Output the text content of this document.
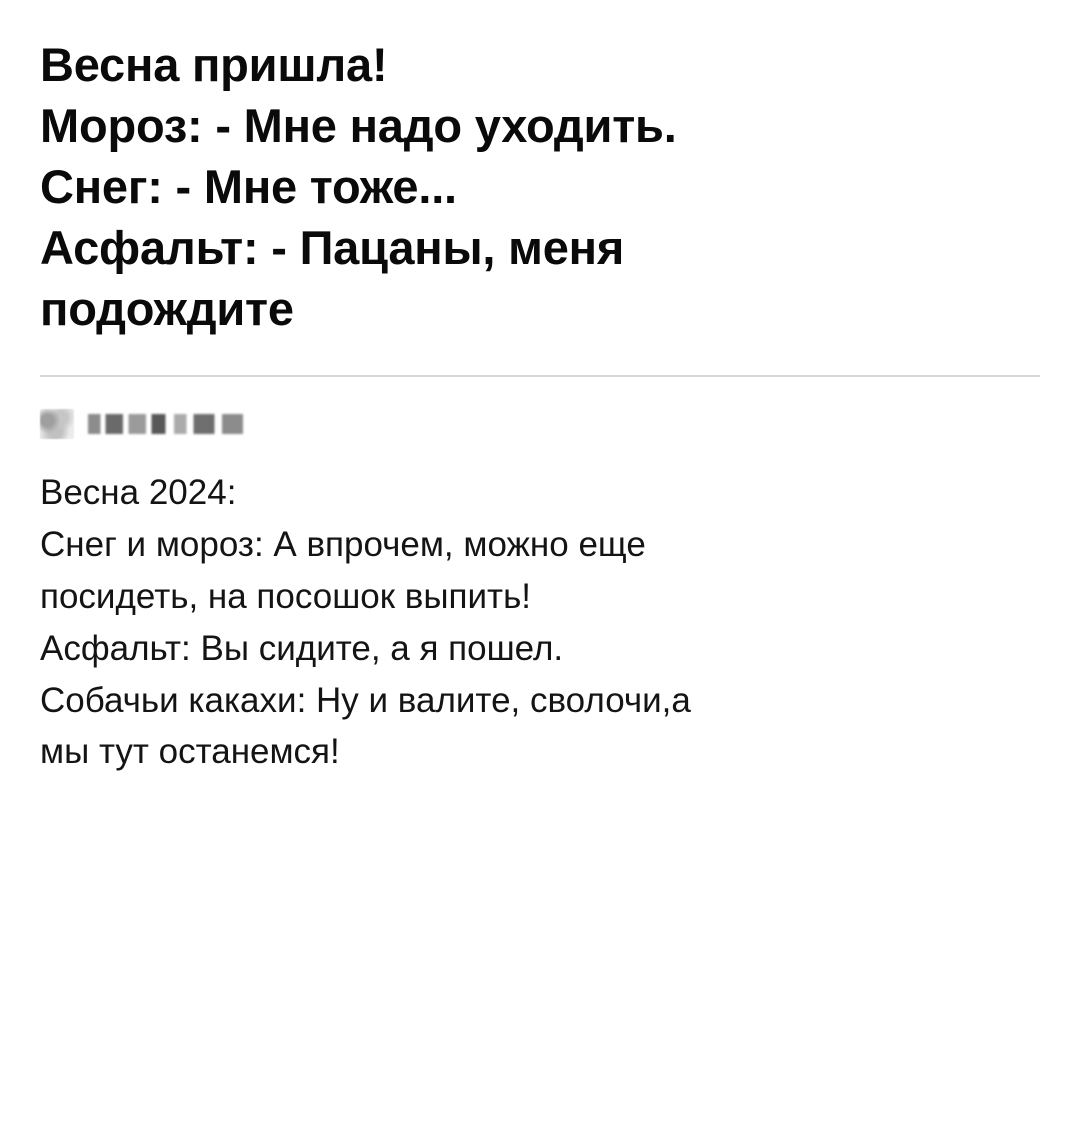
Весна пришла!
Мороз: - Мне надо уходить.
Снег: - Мне тоже...
Асфальт: - Пацаны, меня
подождите
Весна 2024:
Снег и мороз: А впрочем, можно еще
посидеть, на посошок выпить!
Асфальт: Вы сидите, а я пошел.
Собачьи какахи: Ну и валите, сволочи,а
мы тут останемся!
